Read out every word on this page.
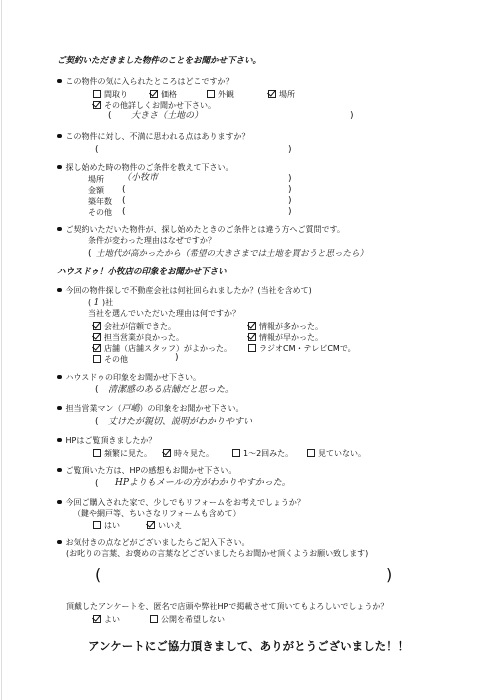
ご契約いただきました物件のことをお聞かせ下さい。
この物件の気に入られたところはどこですか？
間取り	価格	外観	場所
その他詳しくお聞かせ下さい。
( 大きさ（土地の）	)
この物件に対し、不満に思われる点はありますか？
(	)
探し始めた時の物件のご条件を教えて下さい。
場所 （小牧市	)
金額 (	)
築年数 (	)
その他 (	)
ご契約いただいた物件が、探し始めたときのご条件とは違う方へご質問です。
条件が変わった理由はなぜですか？
( 土地代が高かったから（希望の大きさまでは土地を買おうと思ったら）
ハウスドゥ！小牧店の印象をお聞かせ下さい
今回の物件探しで不動産会社は何社回られましたか？(当社を含めて)
( 1 )社
当社を選んでいただいた理由は何ですか？
会社が信頼できた。	情報が多かった。
担当営業が良かった。	情報が早かった。
店舗（店舗スタッフ）がよかった。	ラジオCM・テレビCMで。
その他	)
ハウスドゥの印象をお聞かせ下さい。
( 清潔感のある店舗だと思った。
担当営業マン（戸嶋）の印象をお聞かせ下さい。
( 丈けたが親切、説明がわかりやすい
HPはご覧頂きましたか？
頻繁に見た。	時々見た。	1～2回みた。	見ていない。
ご覧頂いた方は、HPの感想もお聞かせ下さい。
( HPよりもメールの方がわかりやすかった。
今回ご購入された家で、少しでもリフォームをお考えでしょうか？
（鍵や網戸等、ちいさなリフォームも含めて）
はい	いいえ
お気付きの点などがございましたらご記入下さい。
(お叱りの言葉、お褒めの言葉などございましたらお聞かせ頂くようお願い致します)
(	)
頂戴したアンケートを、匿名で店頭や弊社HPで掲載させて頂いてもよろしいでしょうか？
よい	公開を希望しない
アンケートにご協力頂きまして、ありがとうございました！！
